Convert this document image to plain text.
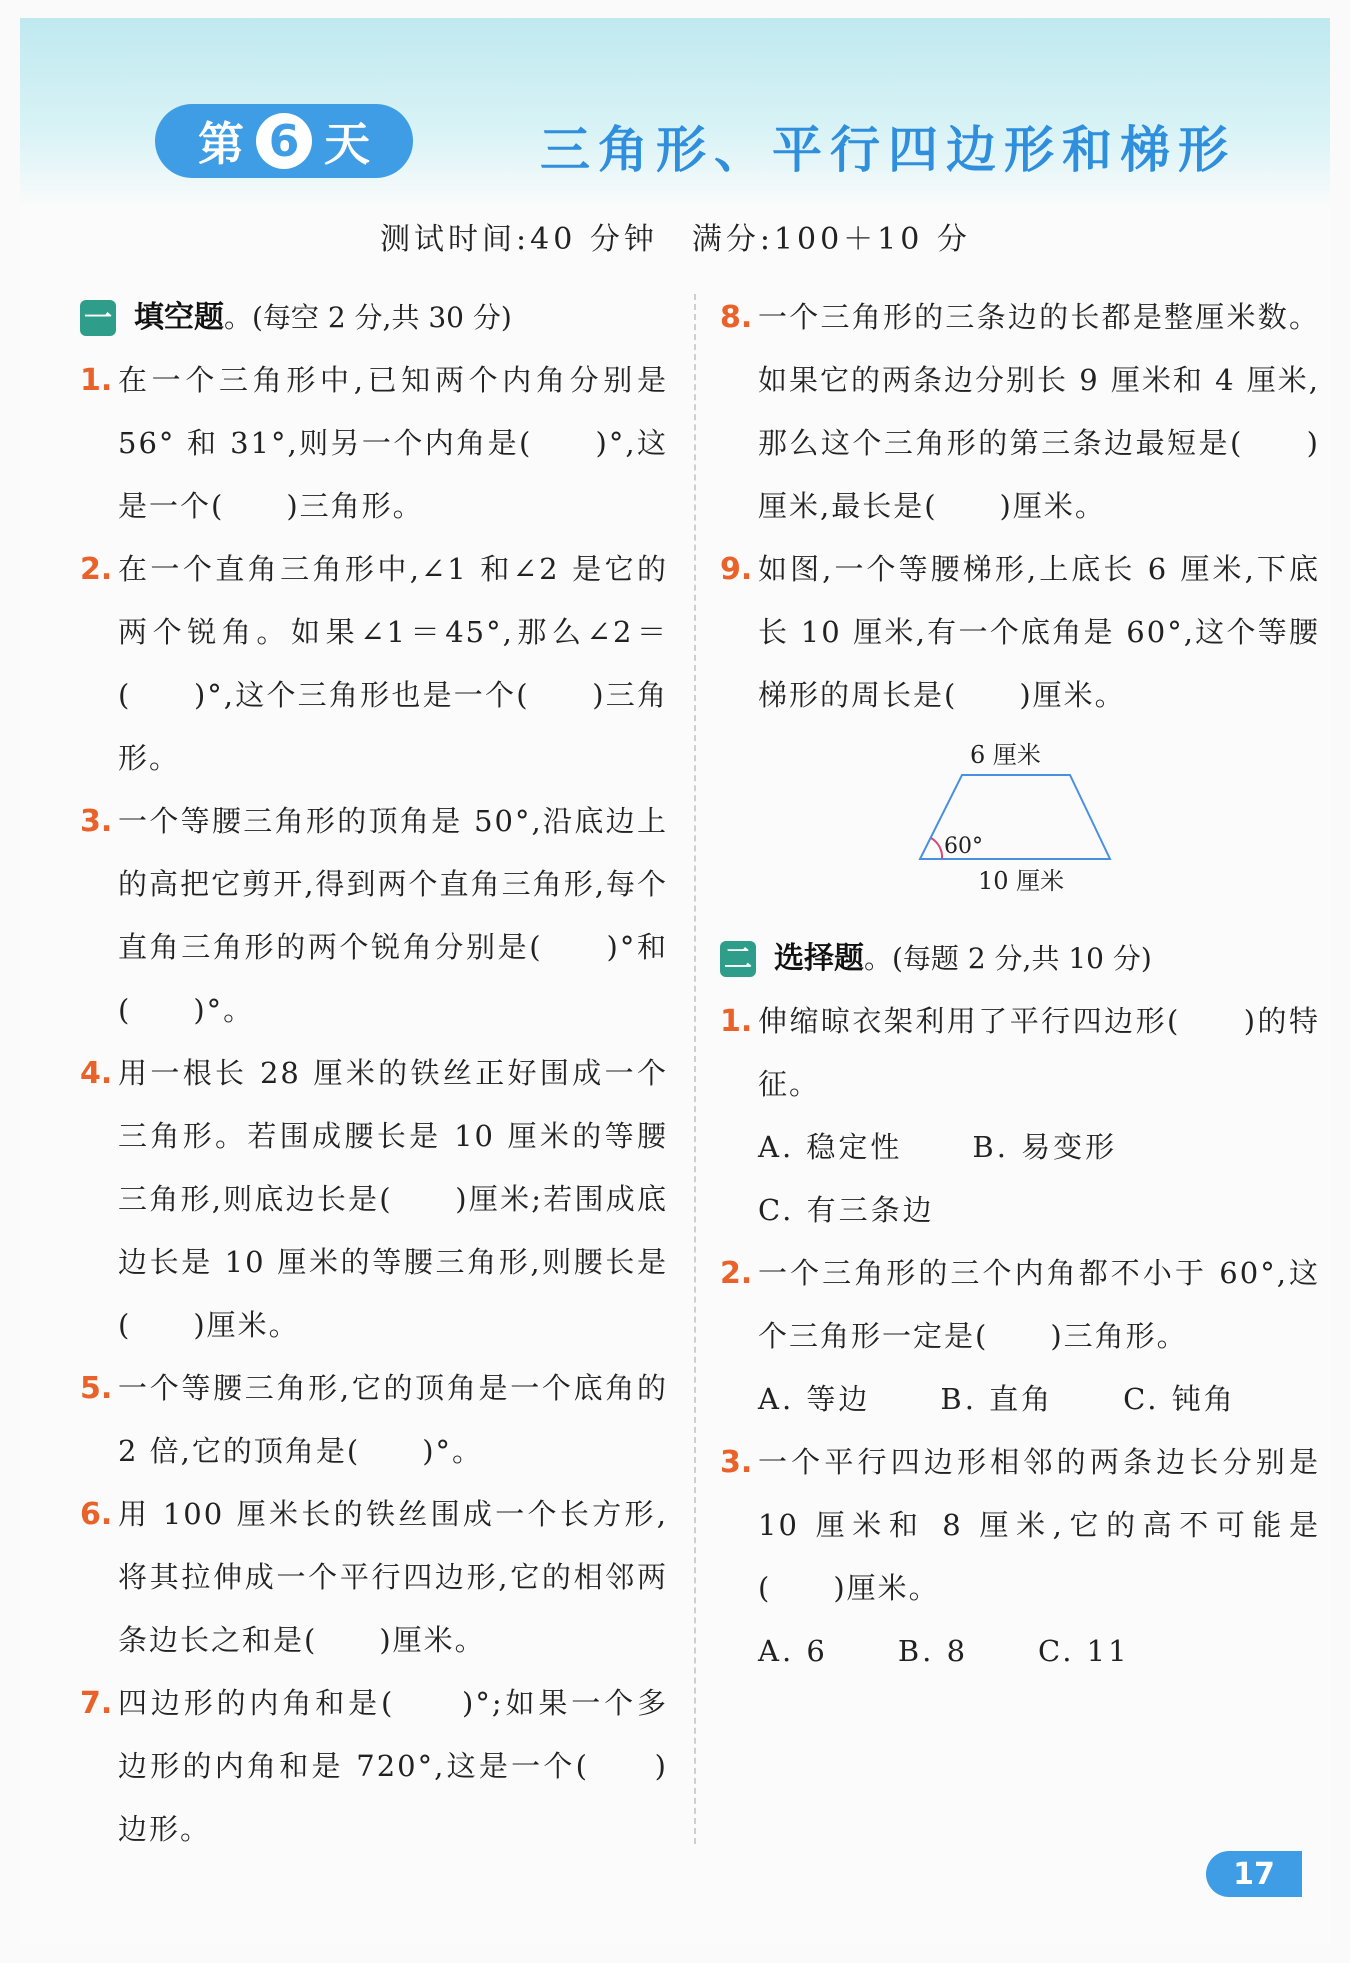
第 6 天	三角形、平行四边形和梯形
测试时间:40 分钟　满分:100＋10 分
一 填空题。(每空 2 分,共 30 分)
1. 在一个三角形中,已知两个内角分别是 56° 和 31°,则另一个内角是(　　)°,这是一个(　　)三角形。
2. 在一个直角三角形中,∠1 和∠2 是它的两个锐角。如果∠1＝45°,那么∠2＝(　　)°,这个三角形也是一个(　　)三角形。
3. 一个等腰三角形的顶角是 50°,沿底边上的高把它剪开,得到两个直角三角形,每个直角三角形的两个锐角分别是(　　)°和(　　)°。
4. 用一根长 28 厘米的铁丝正好围成一个三角形。若围成腰长是 10 厘米的等腰三角形,则底边长是(　　)厘米;若围成底边长是 10 厘米的等腰三角形,则腰长是(　　)厘米。
5. 一个等腰三角形,它的顶角是一个底角的 2 倍,它的顶角是(　　)°。
6. 用 100 厘米长的铁丝围成一个长方形,将其拉伸成一个平行四边形,它的相邻两条边长之和是(　　)厘米。
7. 四边形的内角和是(　　)°;如果一个多边形的内角和是 720°,这是一个(　　)边形。
8. 一个三角形的三条边的长都是整厘米数。如果它的两条边分别长 9 厘米和 4 厘米,那么这个三角形的第三条边最短是(　　)厘米,最长是(　　)厘米。
9. 如图,一个等腰梯形,上底长 6 厘米,下底长 10 厘米,有一个底角是 60°,这个等腰梯形的周长是(　　)厘米。
6 厘米
60°
10 厘米
二 选择题。(每题 2 分,共 10 分)
1. 伸缩晾衣架利用了平行四边形(　　)的特征。
A. 稳定性 B. 易变形
C. 有三条边
2. 一个三角形的三个内角都不小于 60°,这个三角形一定是(　　)三角形。
A. 等边 B. 直角 C. 钝角
3. 一个平行四边形相邻的两条边长分别是 10 厘米和 8 厘米,它的高不可能是(　　)厘米。
A. 6 B. 8 C. 11
17
